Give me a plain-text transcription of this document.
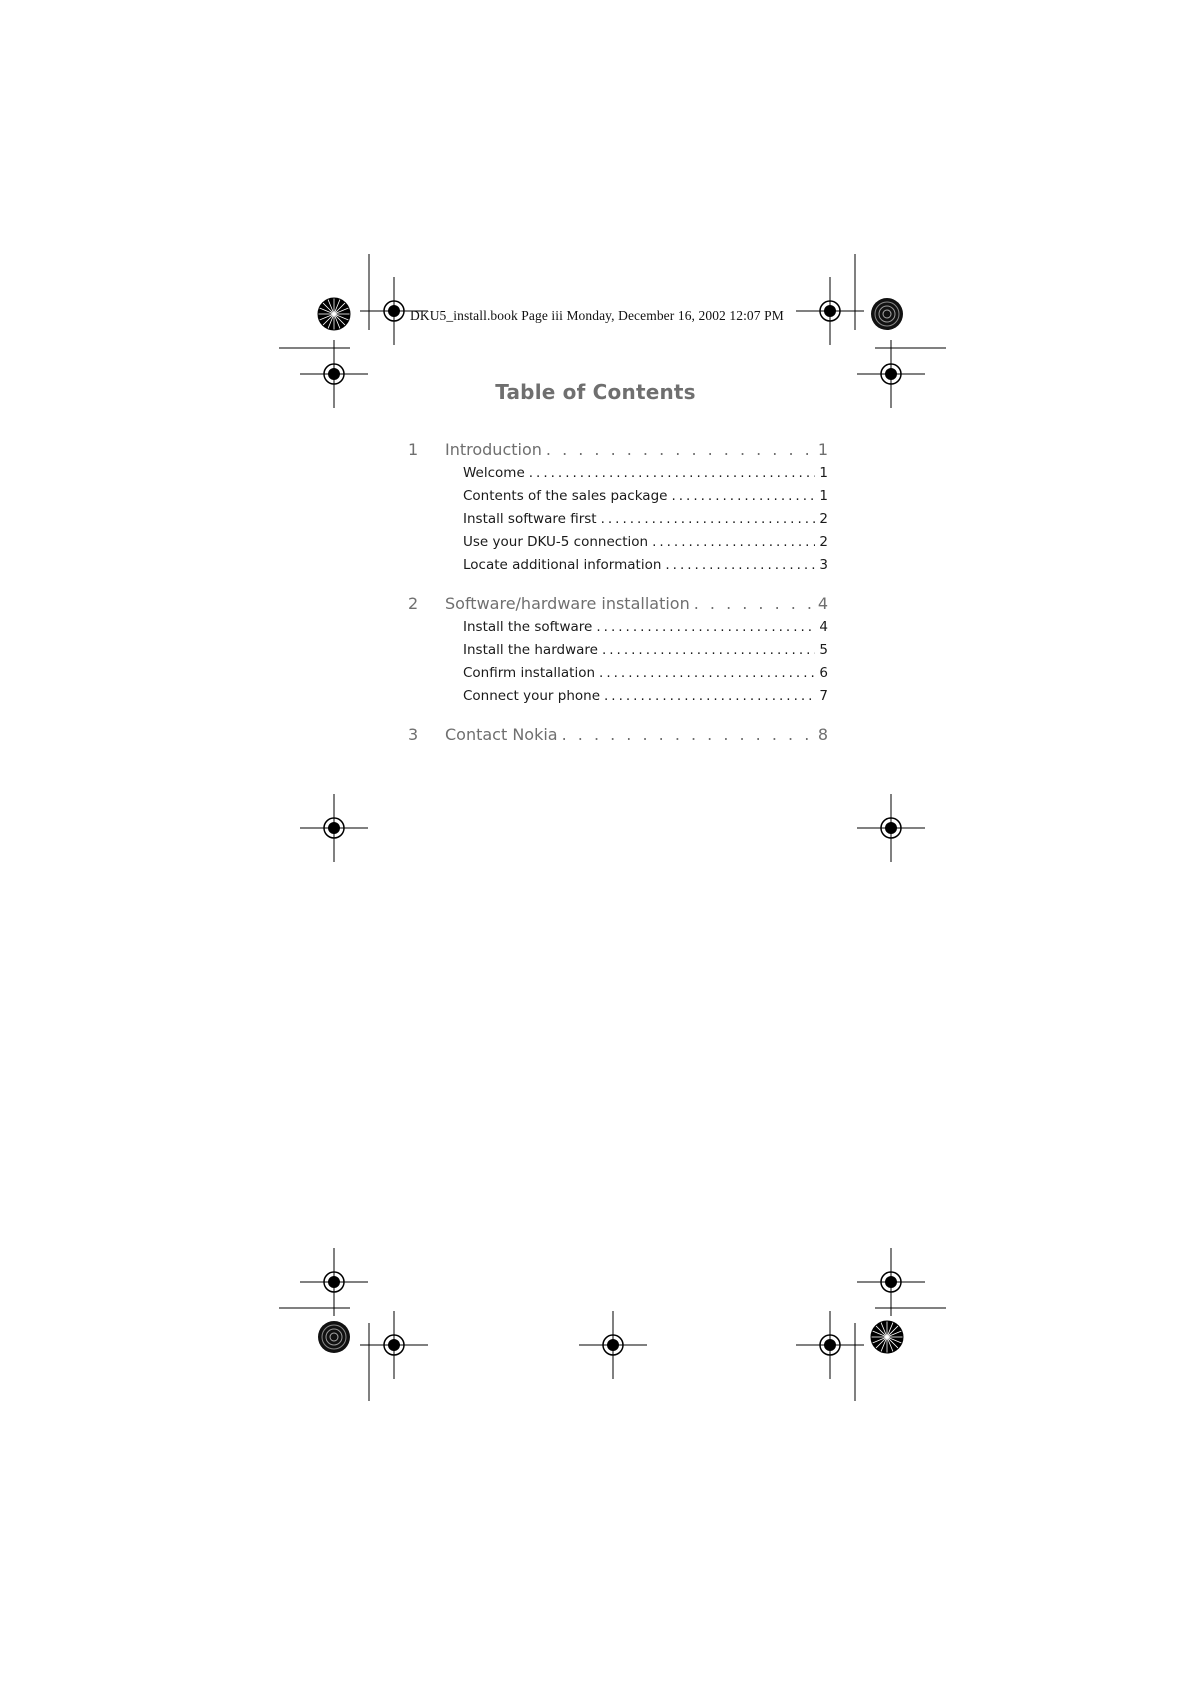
DKU5_install.book Page iii Monday, December 16, 2002 12:07 PM
Table of Contents
1	Introduction . . .	1
Welcome .....	1
Contents of the sales package .....	1
Install software first .....	2
Use your DKU-5 connection .....	2
Locate additional information .....	3
2	Software/hardware installation . . .	4
Install the software .....	4
Install the hardware .....	5
Confirm installation .....	6
Connect your phone .....	7
3	Contact Nokia . . .	8
